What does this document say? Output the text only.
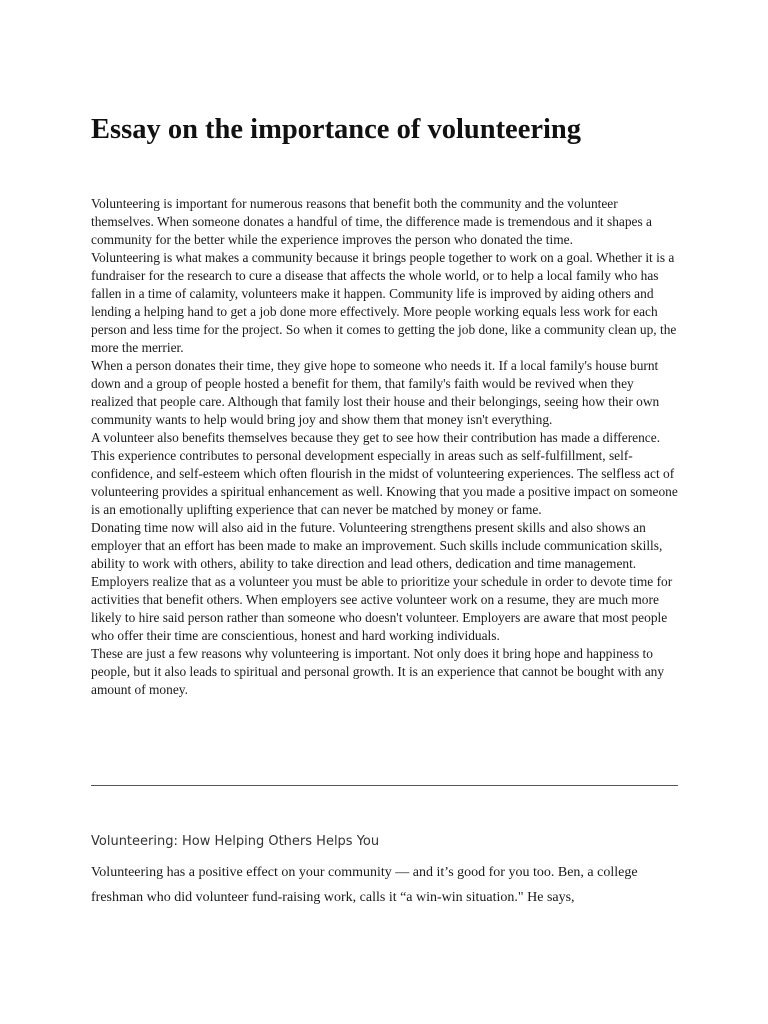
Essay on the importance of volunteering

Volunteering is important for numerous reasons that benefit both the community and the volunteer themselves. When someone donates a handful of time, the difference made is tremendous and it shapes a community for the better while the experience improves the person who donated the time.

Volunteering is what makes a community because it brings people together to work on a goal. Whether it is a fundraiser for the research to cure a disease that affects the whole world, or to help a local family who has fallen in a time of calamity, volunteers make it happen. Community life is improved by aiding others and lending a helping hand to get a job done more effectively. More people working equals less work for each person and less time for the project. So when it comes to getting the job done, like a community clean up, the more the merrier.

When a person donates their time, they give hope to someone who needs it. If a local family's house burnt down and a group of people hosted a benefit for them, that family's faith would be revived when they realized that people care. Although that family lost their house and their belongings, seeing how their own community wants to help would bring joy and show them that money isn't everything.

A volunteer also benefits themselves because they get to see how their contribution has made a difference. This experience contributes to personal development especially in areas such as self-fulfillment, self-confidence, and self-esteem which often flourish in the midst of volunteering experiences. The selfless act of volunteering provides a spiritual enhancement as well. Knowing that you made a positive impact on someone is an emotionally uplifting experience that can never be matched by money or fame.

Donating time now will also aid in the future. Volunteering strengthens present skills and also shows an employer that an effort has been made to make an improvement. Such skills include communication skills, ability to work with others, ability to take direction and lead others, dedication and time management. Employers realize that as a volunteer you must be able to prioritize your schedule in order to devote time for activities that benefit others. When employers see active volunteer work on a resume, they are much more likely to hire said person rather than someone who doesn't volunteer. Employers are aware that most people who offer their time are conscientious, honest and hard working individuals.

These are just a few reasons why volunteering is important. Not only does it bring hope and happiness to people, but it also leads to spiritual and personal growth. It is an experience that cannot be bought with any amount of money.

Volunteering: How Helping Others Helps You

Volunteering has a positive effect on your community — and it’s good for you too. Ben, a college freshman who did volunteer fund-raising work, calls it “a win-win situation." He says,
